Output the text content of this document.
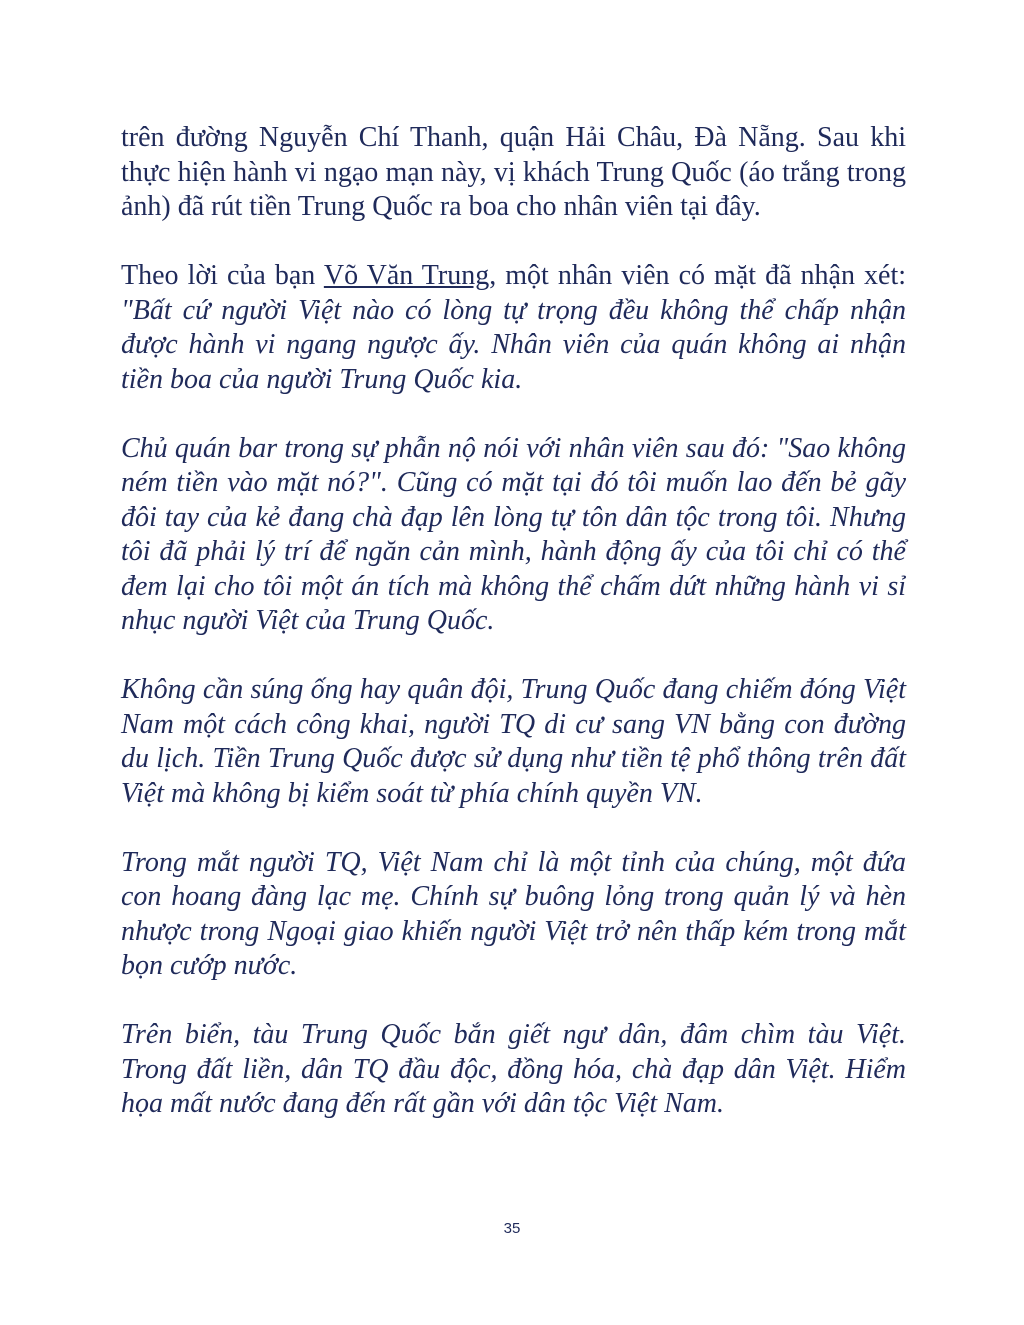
trên đường Nguyễn Chí Thanh, quận Hải Châu, Đà Nẵng. Sau khi thực hiện hành vi ngạo mạn này, vị khách Trung Quốc (áo trắng trong ảnh) đã rút tiền Trung Quốc ra boa cho nhân viên tại đây.

Theo lời của bạn Võ Văn Trung, một nhân viên có mặt đã nhận xét: "Bất cứ người Việt nào có lòng tự trọng đều không thể chấp nhận được hành vi ngang ngược ấy. Nhân viên của quán không ai nhận tiền boa của người Trung Quốc kia.

Chủ quán bar trong sự phẫn nộ nói với nhân viên sau đó: "Sao không ném tiền vào mặt nó?". Cũng có mặt tại đó tôi muốn lao đến bẻ gãy đôi tay của kẻ đang chà đạp lên lòng tự tôn dân tộc trong tôi. Nhưng tôi đã phải lý trí để ngăn cản mình, hành động ấy của tôi chỉ có thể đem lại cho tôi một án tích mà không thể chấm dứt những hành vi sỉ nhục người Việt của Trung Quốc.

Không cần súng ống hay quân đội, Trung Quốc đang chiếm đóng Việt Nam một cách công khai, người TQ di cư sang VN bằng con đường du lịch. Tiền Trung Quốc được sử dụng như tiền tệ phổ thông trên đất Việt mà không bị kiểm soát từ phía chính quyền VN.

Trong mắt người TQ, Việt Nam chỉ là một tỉnh của chúng, một đứa con hoang đàng lạc mẹ. Chính sự buông lỏng trong quản lý và hèn nhược trong Ngoại giao khiến người Việt trở nên thấp kém trong mắt bọn cướp nước.

Trên biển, tàu Trung Quốc bắn giết ngư dân, đâm chìm tàu Việt. Trong đất liền, dân TQ đầu độc, đồng hóa, chà đạp dân Việt. Hiểm họa mất nước đang đến rất gần với dân tộc Việt Nam.

35
